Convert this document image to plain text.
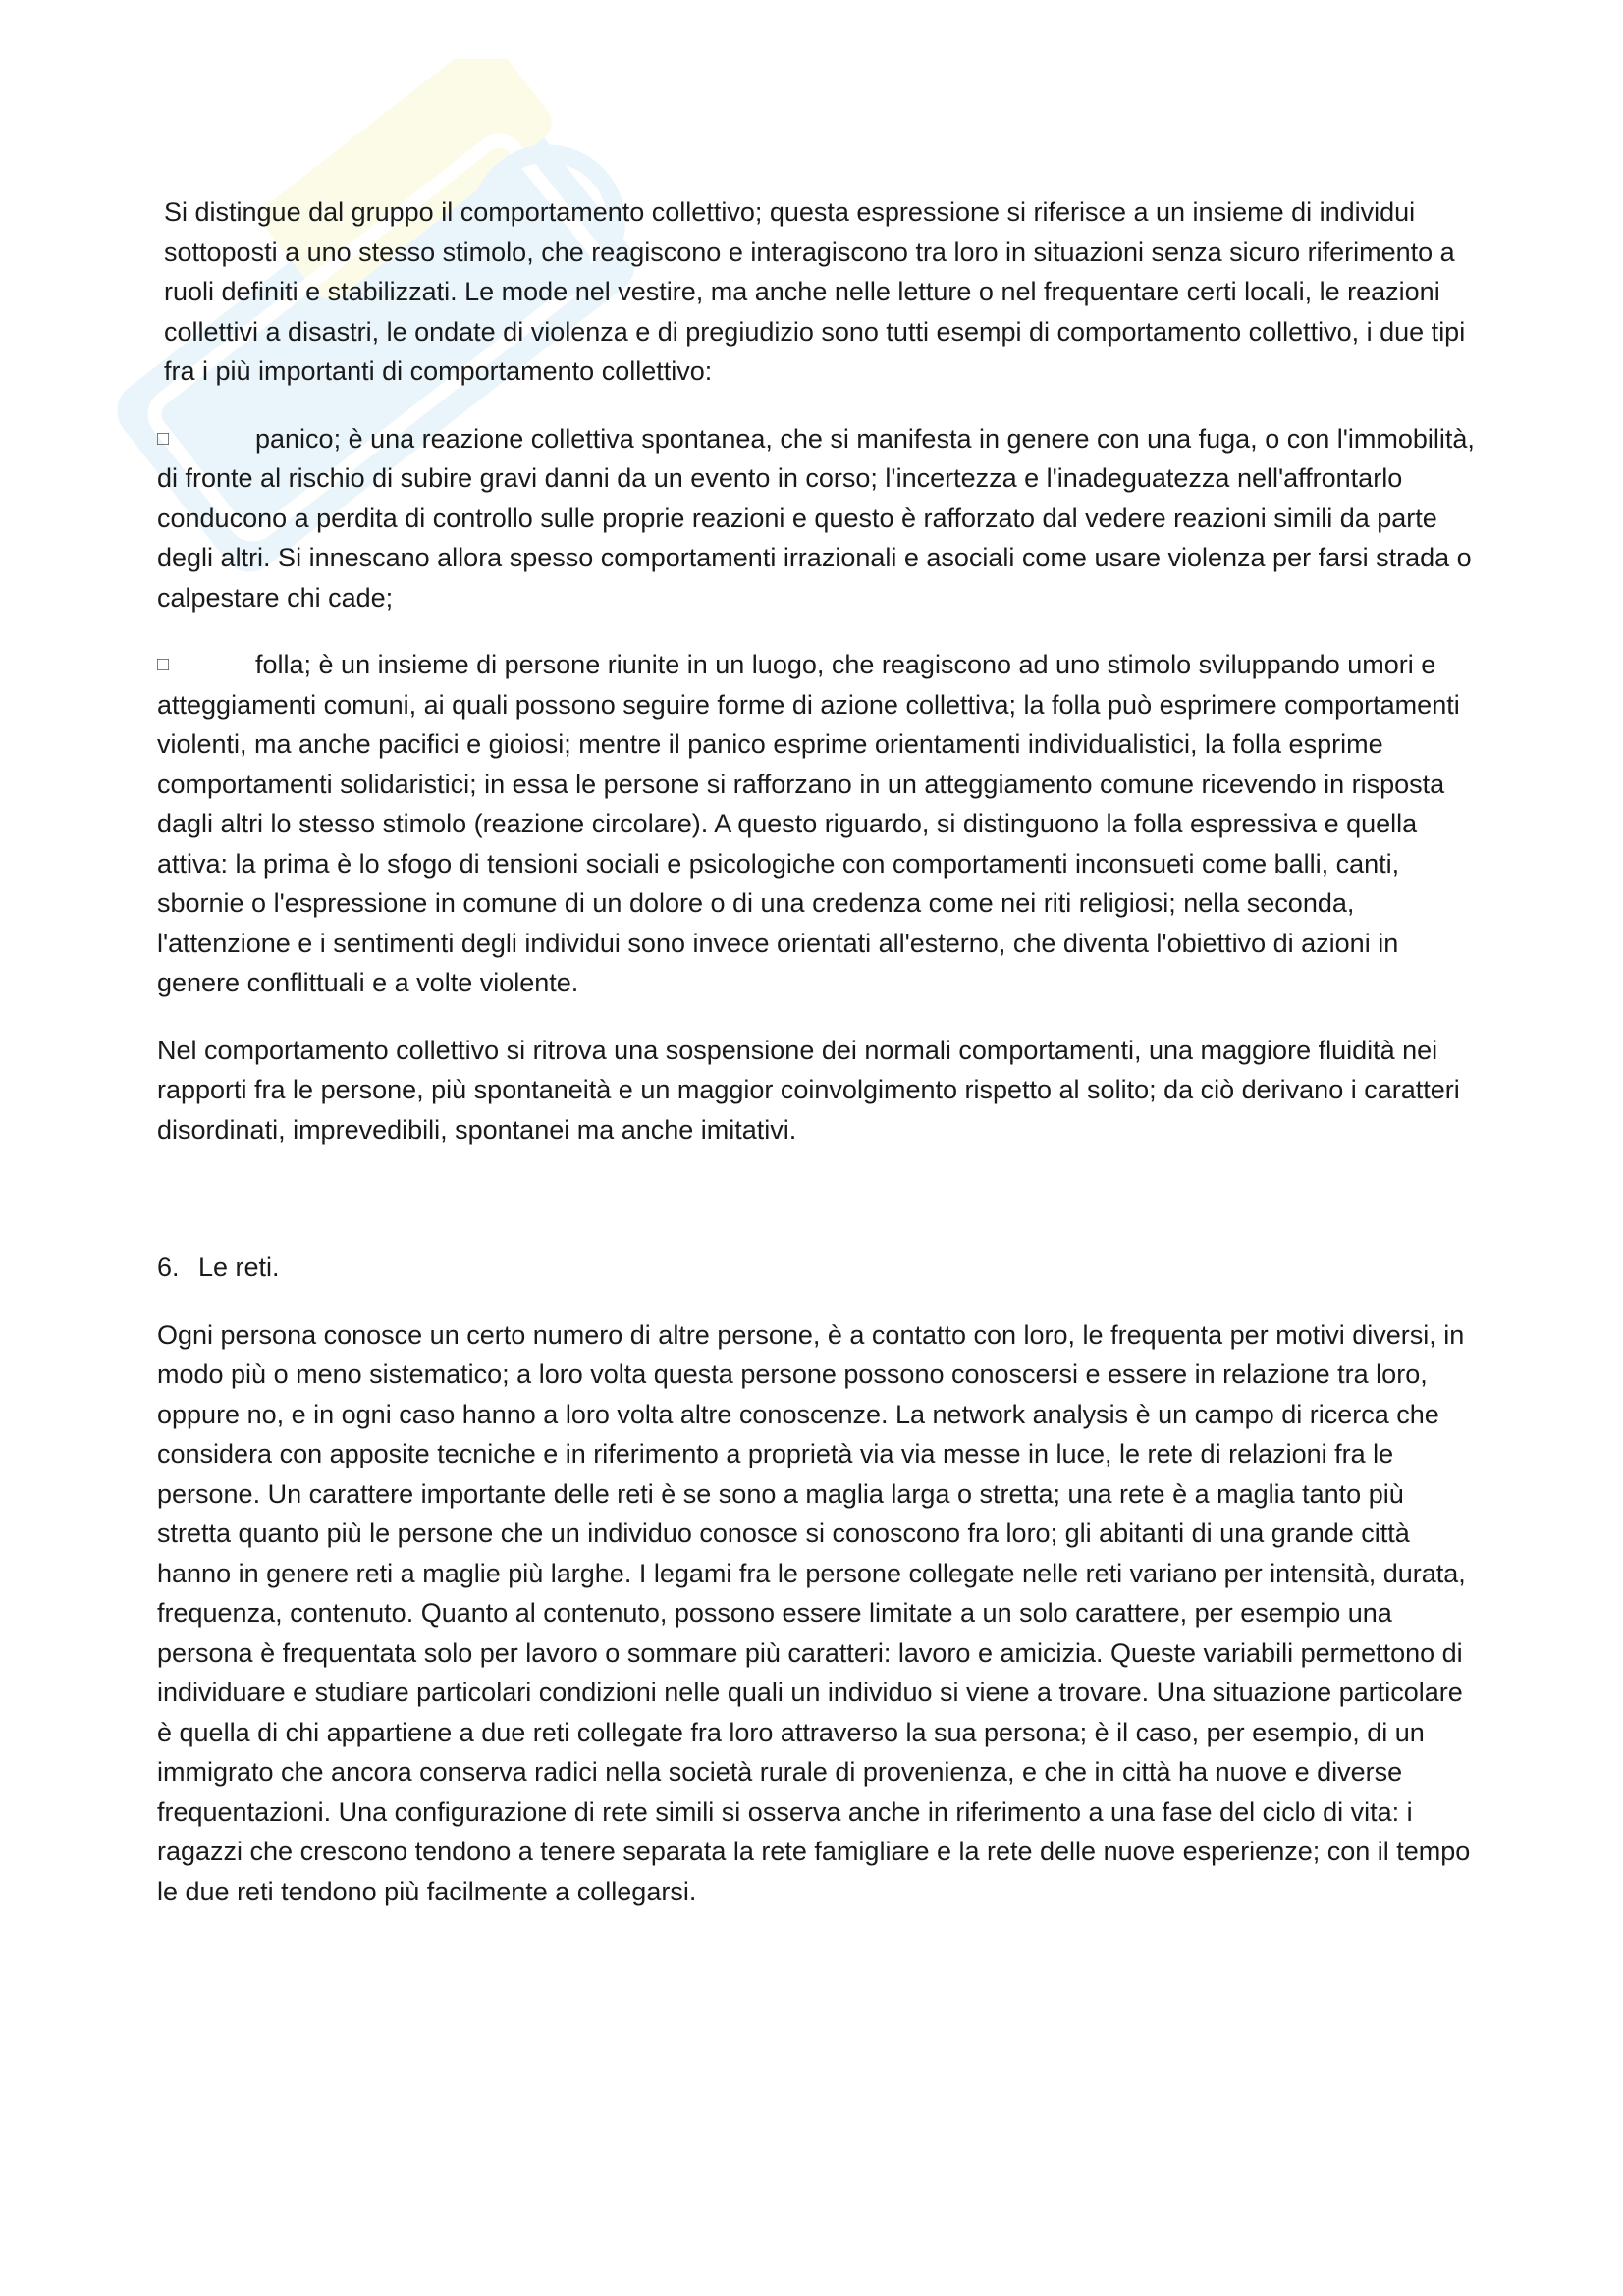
Si distingue dal gruppo il comportamento collettivo; questa espressione si riferisce a un insieme di individui sottoposti a uno stesso stimolo, che reagiscono e interagiscono tra loro in situazioni senza sicuro riferimento a ruoli definiti e stabilizzati. Le mode nel vestire, ma anche nelle letture o nel frequentare certi locali, le reazioni collettivi a disastri, le ondate di violenza e di pregiudizio sono tutti esempi di comportamento collettivo, i due tipi fra i più importanti di comportamento collettivo:

□	panico; è una reazione collettiva spontanea, che si manifesta in genere con una fuga, o con l'immobilità, di fronte al rischio di subire gravi danni da un evento in corso; l'incertezza e l'inadeguatezza nell'affrontarlo conducono a perdita di controllo sulle proprie reazioni e questo è rafforzato dal vedere reazioni simili da parte degli altri. Si innescano allora spesso comportamenti irrazionali e asociali come usare violenza per farsi strada o calpestare chi cade;
□	folla; è un insieme di persone riunite in un luogo, che reagiscono ad uno stimolo sviluppando umori e atteggiamenti comuni, ai quali possono seguire forme di azione collettiva; la folla può esprimere comportamenti violenti, ma anche pacifici e gioiosi; mentre il panico esprime orientamenti individualistici, la folla esprime comportamenti solidaristici; in essa le persone si rafforzano in un atteggiamento comune ricevendo in risposta dagli altri lo stesso stimolo (reazione circolare). A questo riguardo, si distinguono la folla espressiva e quella attiva: la prima è lo sfogo di tensioni sociali e psicologiche con comportamenti inconsueti come balli, canti, sbornie o l'espressione in comune di un dolore o di una credenza come nei riti religiosi; nella seconda, l'attenzione e i sentimenti degli individui sono invece orientati all'esterno, che diventa l'obiettivo di azioni in genere conflittuali e a volte violente.

Nel comportamento collettivo si ritrova una sospensione dei normali comportamenti, una maggiore fluidità nei rapporti fra le persone, più spontaneità e un maggior coinvolgimento rispetto al solito; da ciò derivano i caratteri disordinati, imprevedibili, spontanei ma anche imitativi.

6. Le reti.

Ogni persona conosce un certo numero di altre persone, è a contatto con loro, le frequenta per motivi diversi, in modo più o meno sistematico; a loro volta questa persone possono conoscersi e essere in relazione tra loro, oppure no, e in ogni caso hanno a loro volta altre conoscenze. La network analysis è un campo di ricerca che considera con apposite tecniche e in riferimento a proprietà via via messe in luce, le rete di relazioni fra le persone. Un carattere importante delle reti è se sono a maglia larga o stretta; una rete è a maglia tanto più stretta quanto più le persone che un individuo conosce si conoscono fra loro; gli abitanti di una grande città hanno in genere reti a maglie più larghe. I legami fra le persone collegate nelle reti variano per intensità, durata, frequenza, contenuto. Quanto al contenuto, possono essere limitate a un solo carattere, per esempio una persona è frequentata solo per lavoro o sommare più caratteri: lavoro e amicizia. Queste variabili permettono di individuare e studiare particolari condizioni nelle quali un individuo si viene a trovare. Una situazione particolare è quella di chi appartiene a due reti collegate fra loro attraverso la sua persona; è il caso, per esempio, di un immigrato che ancora conserva radici nella società rurale di provenienza, e che in città ha nuove e diverse frequentazioni. Una configurazione di rete simili si osserva anche in riferimento a una fase del ciclo di vita: i ragazzi che crescono tendono a tenere separata la rete famigliare e la rete delle nuove esperienze; con il tempo le due reti tendono più facilmente a collegarsi.
